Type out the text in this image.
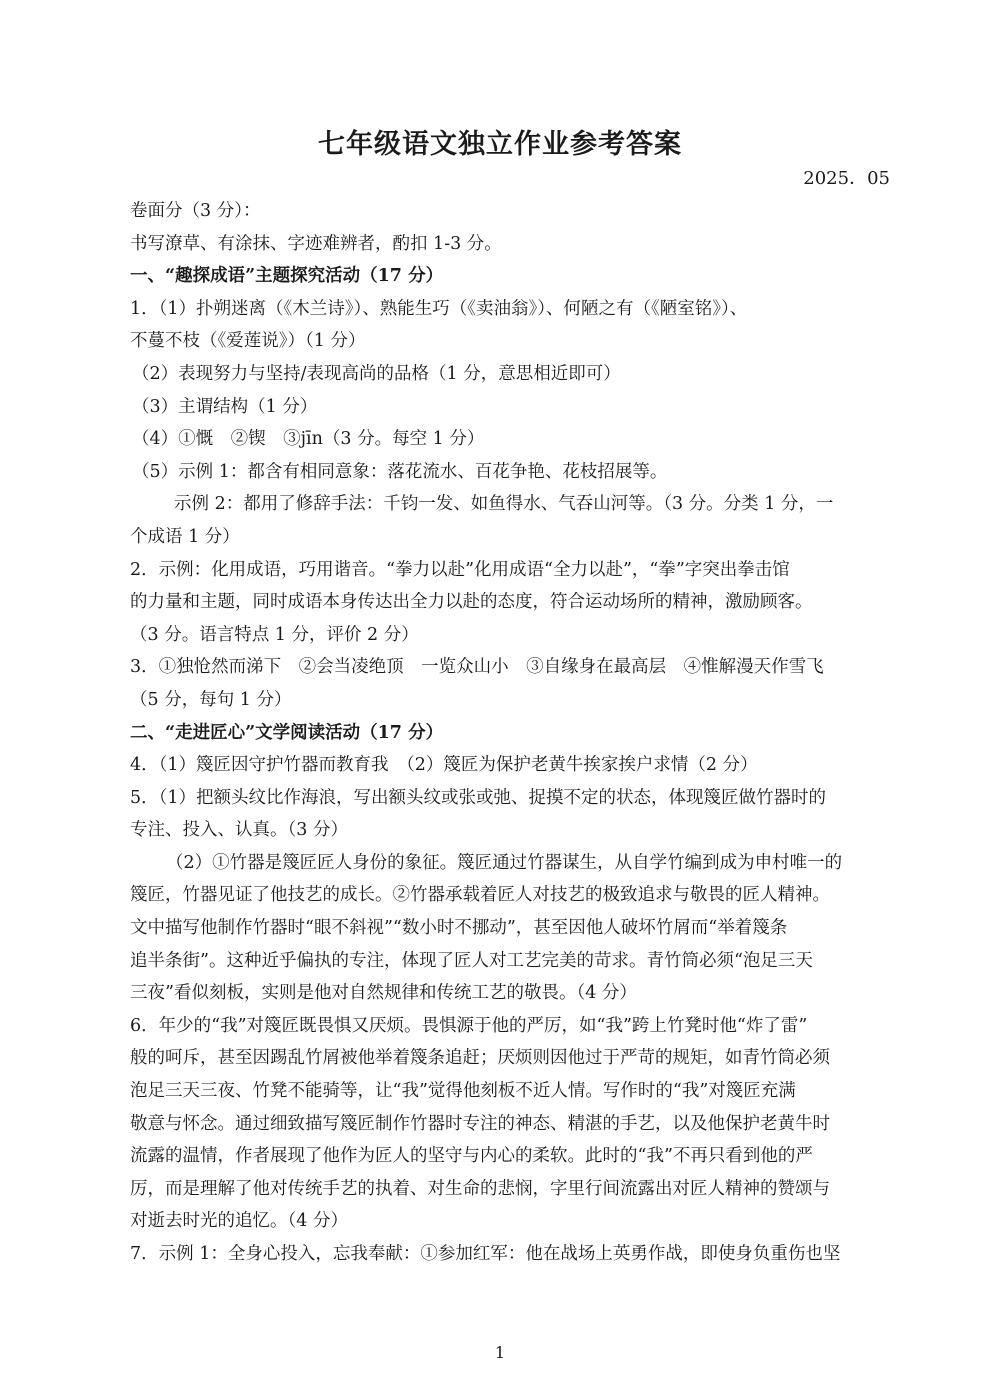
七年级语文独立作业参考答案
2025．05
卷面分（3 分）：
书写潦草、有涂抹、字迹难辨者，酌扣 1-3 分。
一、“趣探成语”主题探究活动（17 分）
1．（1）扑朔迷离（《木兰诗》）、熟能生巧（《卖油翁》）、何陋之有（《陋室铭》）、
不蔓不枝（《爱莲说》）（1 分）
（2）表现努力与坚持/表现高尚的品格（1 分，意思相近即可）
（3）主谓结构（1 分）
（4）①慨　②锲　③jīn（3 分。每空 1 分）
（5）示例 1：都含有相同意象：落花流水、百花争艳、花枝招展等。
示例 2：都用了修辞手法：千钧一发、如鱼得水、气吞山河等。（3 分。分类 1 分，一
个成语 1 分）
2．示例：化用成语，巧用谐音。“拳力以赴”化用成语“全力以赴”，“拳”字突出拳击馆
的力量和主题，同时成语本身传达出全力以赴的态度，符合运动场所的精神，激励顾客。
（3 分。语言特点 1 分，评价 2 分）
3．①独怆然而涕下　②会当凌绝顶　一览众山小　③自缘身在最高层　④惟解漫天作雪飞
（5 分，每句 1 分）
二、“走进匠心”文学阅读活动（17 分）
4．（1）篾匠因守护竹器而教育我　（2）篾匠为保护老黄牛挨家挨户求情（2 分）
5．（1）把额头纹比作海浪，写出额头纹或张或弛、捉摸不定的状态，体现篾匠做竹器时的
专注、投入、认真。（3 分）
（2）①竹器是篾匠匠人身份的象征。篾匠通过竹器谋生，从自学竹编到成为申村唯一的
篾匠，竹器见证了他技艺的成长。②竹器承载着匠人对技艺的极致追求与敬畏的匠人精神。
文中描写他制作竹器时“眼不斜视”“数小时不挪动”，甚至因他人破坏竹屑而“举着篾条
追半条街”。这种近乎偏执的专注，体现了匠人对工艺完美的苛求。青竹筒必须“泡足三天
三夜”看似刻板，实则是他对自然规律和传统工艺的敬畏。（4 分）
6．年少的“我”对篾匠既畏惧又厌烦。畏惧源于他的严厉，如“我”跨上竹凳时他“炸了雷”
般的呵斥，甚至因踢乱竹屑被他举着篾条追赶；厌烦则因他过于严苛的规矩，如青竹筒必须
泡足三天三夜、竹凳不能骑等，让“我”觉得他刻板不近人情。写作时的“我”对篾匠充满
敬意与怀念。通过细致描写篾匠制作竹器时专注的神态、精湛的手艺，以及他保护老黄牛时
流露的温情，作者展现了他作为匠人的坚守与内心的柔软。此时的“我”不再只看到他的严
厉，而是理解了他对传统手艺的执着、对生命的悲悯，字里行间流露出对匠人精神的赞颂与
对逝去时光的追忆。（4 分）
7．示例 1：全身心投入，忘我奉献：①参加红军：他在战场上英勇作战，即使身负重伤也坚
1
